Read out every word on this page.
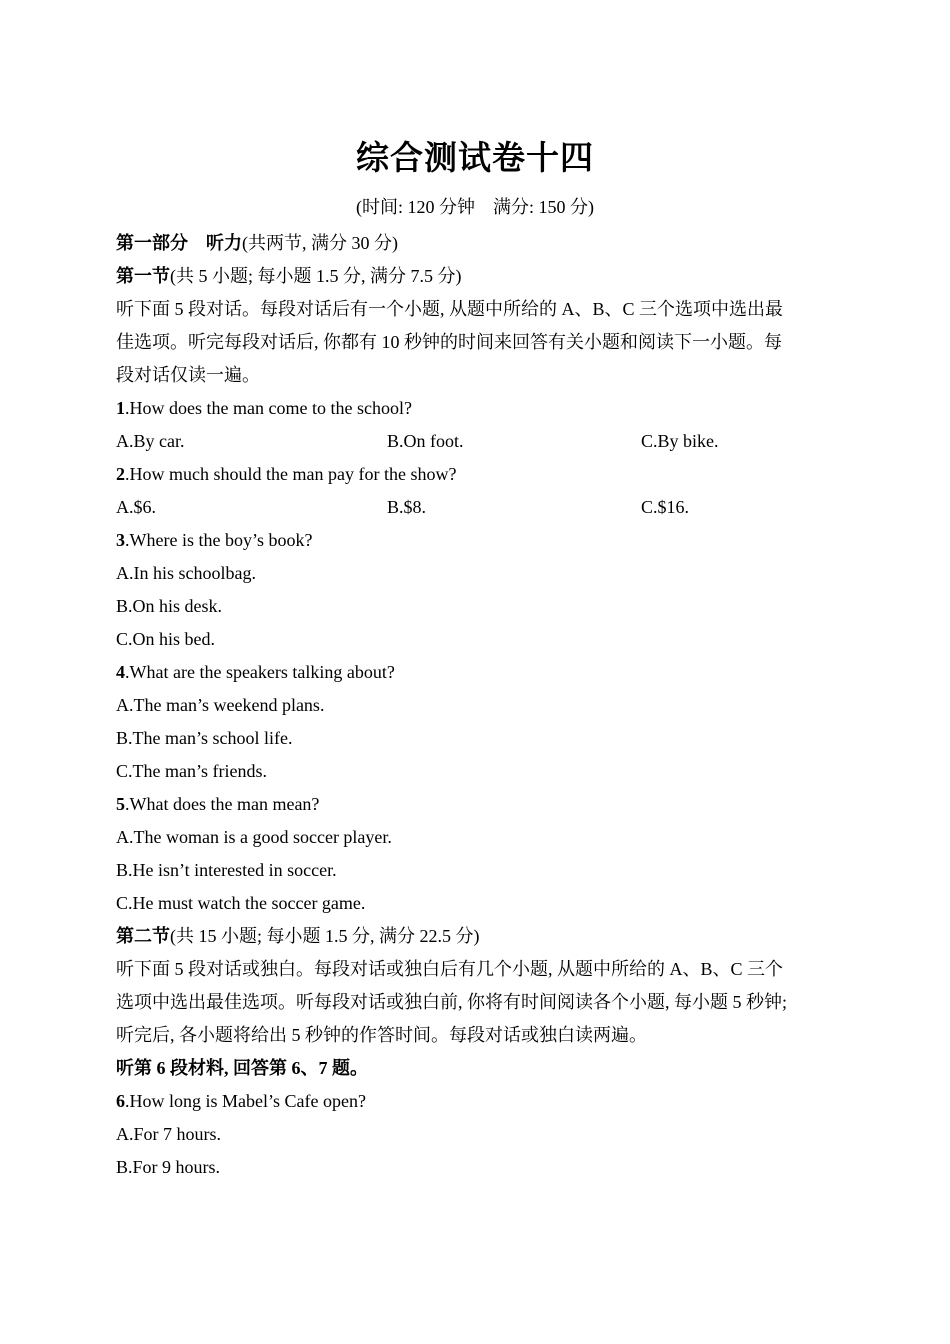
综合测试卷十四
(时间: 120 分钟　满分: 150 分)
第一部分　听力(共两节, 满分 30 分)
第一节(共 5 小题; 每小题 1.5 分, 满分 7.5 分)
听下面 5 段对话。每段对话后有一个小题, 从题中所给的 A、B、C 三个选项中选出最
佳选项。听完每段对话后, 你都有 10 秒钟的时间来回答有关小题和阅读下一小题。每
段对话仅读一遍。
1.How does the man come to the school?
A.By car.	B.On foot.	C.By bike.
2.How much should the man pay for the show?
A.$6.	B.$8.	C.$16.
3.Where is the boy’s book?
A.In his schoolbag.
B.On his desk.
C.On his bed.
4.What are the speakers talking about?
A.The man’s weekend plans.
B.The man’s school life.
C.The man’s friends.
5.What does the man mean?
A.The woman is a good soccer player.
B.He isn’t interested in soccer.
C.He must watch the soccer game.
第二节(共 15 小题; 每小题 1.5 分, 满分 22.5 分)
听下面 5 段对话或独白。每段对话或独白后有几个小题, 从题中所给的 A、B、C 三个
选项中选出最佳选项。听每段对话或独白前, 你将有时间阅读各个小题, 每小题 5 秒钟;
听完后, 各小题将给出 5 秒钟的作答时间。每段对话或独白读两遍。
听第 6 段材料, 回答第 6、7 题。
6.How long is Mabel’s Cafe open?
A.For 7 hours.
B.For 9 hours.
